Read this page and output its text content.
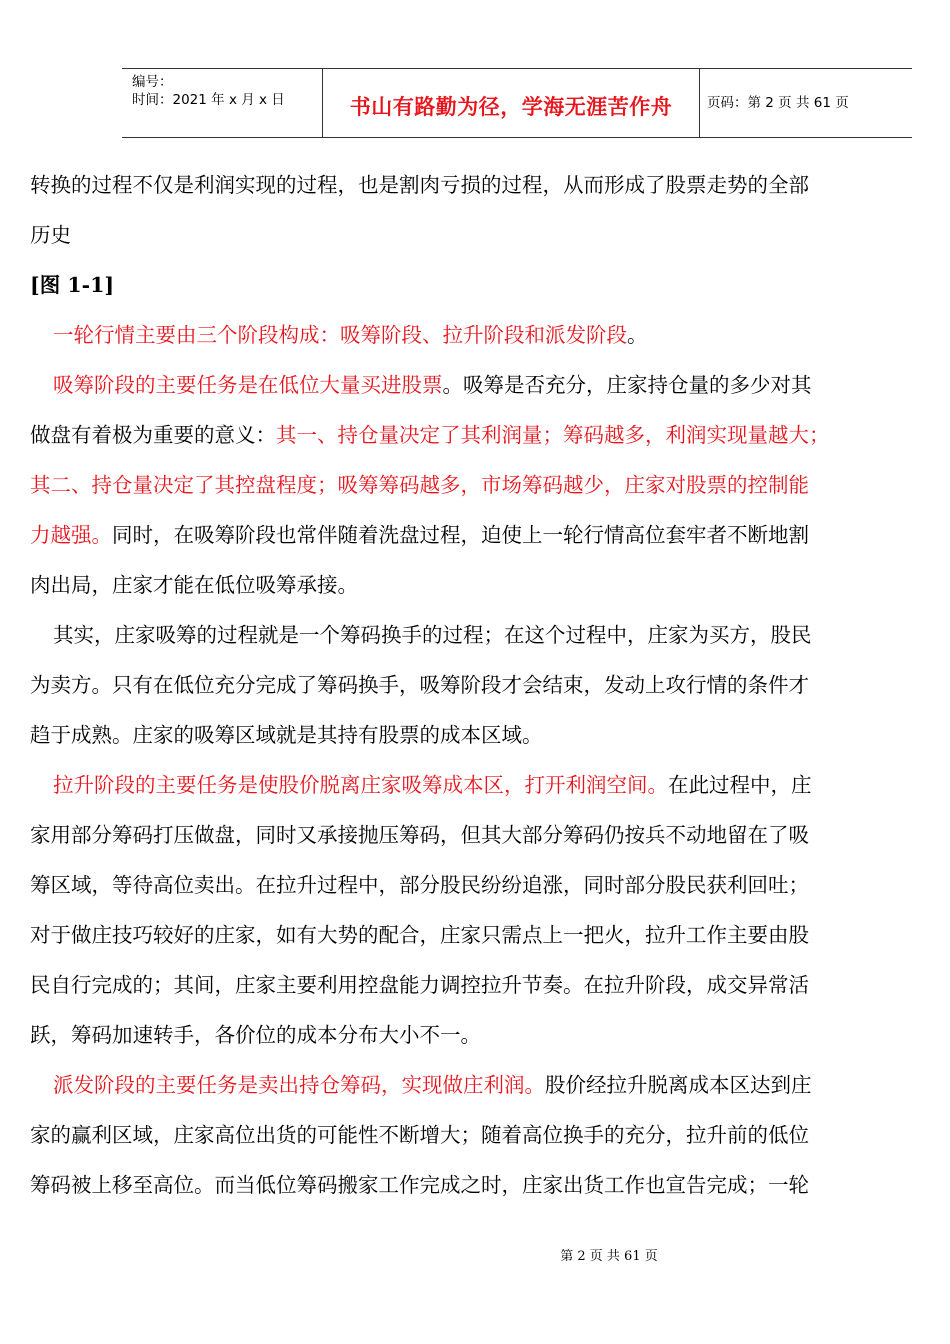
编号：
时间：2021 年 x 月 x 日	书山有路勤为径，学海无涯苦作舟	页码：第 2 页 共 61 页
转换的过程不仅是利润实现的过程，也是割肉亏损的过程，从而形成了股票走势的全部
历史
[图 1-1]
一轮行情主要由三个阶段构成：吸筹阶段、拉升阶段和派发阶段。
吸筹阶段的主要任务是在低位大量买进股票。吸筹是否充分，庄家持仓量的多少对其
做盘有着极为重要的意义：其一、持仓量决定了其利润量；筹码越多，利润实现量越大；
其二、持仓量决定了其控盘程度；吸筹筹码越多，市场筹码越少，庄家对股票的控制能
力越强。同时，在吸筹阶段也常伴随着洗盘过程，迫使上一轮行情高位套牢者不断地割
肉出局，庄家才能在低位吸筹承接。
其实，庄家吸筹的过程就是一个筹码换手的过程；在这个过程中，庄家为买方，股民
为卖方。只有在低位充分完成了筹码换手，吸筹阶段才会结束，发动上攻行情的条件才
趋于成熟。庄家的吸筹区域就是其持有股票的成本区域。
拉升阶段的主要任务是使股价脱离庄家吸筹成本区，打开利润空间。在此过程中，庄
家用部分筹码打压做盘，同时又承接抛压筹码，但其大部分筹码仍按兵不动地留在了吸
筹区域，等待高位卖出。在拉升过程中，部分股民纷纷追涨，同时部分股民获利回吐；
对于做庄技巧较好的庄家，如有大势的配合，庄家只需点上一把火，拉升工作主要由股
民自行完成的；其间，庄家主要利用控盘能力调控拉升节奏。在拉升阶段，成交异常活
跃，筹码加速转手，各价位的成本分布大小不一。
派发阶段的主要任务是卖出持仓筹码，实现做庄利润。股价经拉升脱离成本区达到庄
家的赢利区域，庄家高位出货的可能性不断增大；随着高位换手的充分，拉升前的低位
筹码被上移至高位。而当低位筹码搬家工作完成之时，庄家出货工作也宣告完成；一轮
第 2 页 共 61 页
